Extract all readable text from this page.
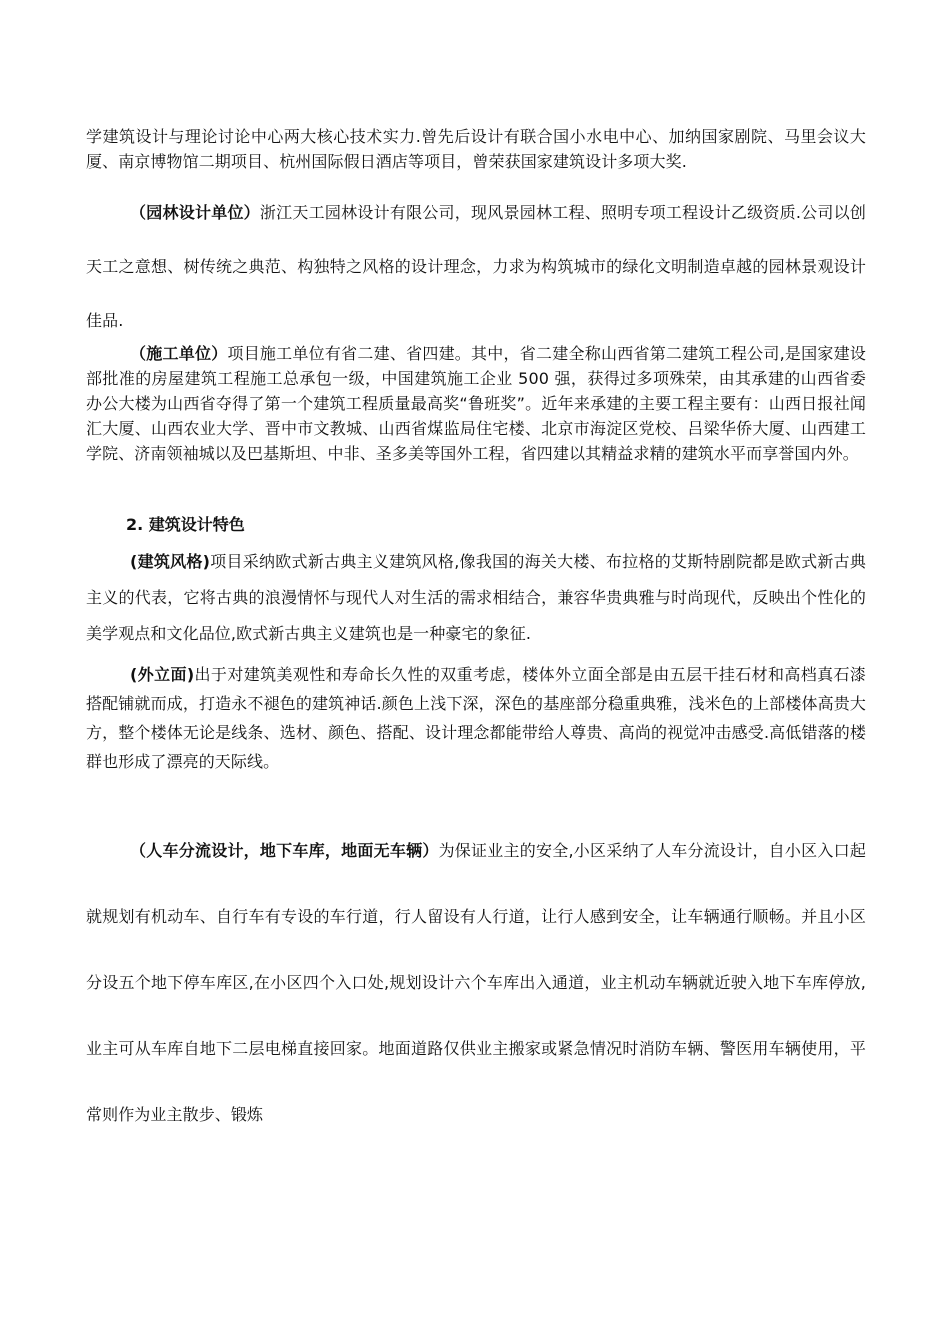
学建筑设计与理论讨论中心两大核心技术实力.曾先后设计有联合国小水电中心、加纳国家剧院、马里会议大厦、南京博物馆二期项目、杭州国际假日酒店等项目，曾荣获国家建筑设计多项大奖.

（园林设计单位）浙江天工园林设计有限公司，现风景园林工程、照明专项工程设计乙级资质.公司以创天工之意想、树传统之典范、构独特之风格的设计理念，力求为构筑城市的绿化文明制造卓越的园林景观设计佳品.

（施工单位）项目施工单位有省二建、省四建。其中，省二建全称山西省第二建筑工程公司,是国家建设部批准的房屋建筑工程施工总承包一级，中国建筑施工企业 500 强，获得过多项殊荣，由其承建的山西省委办公大楼为山西省夺得了第一个建筑工程质量最高奖“鲁班奖”。近年来承建的主要工程主要有：山西日报社闻汇大厦、山西农业大学、晋中市文教城、山西省煤监局住宅楼、北京市海淀区党校、吕梁华侨大厦、山西建工学院、济南领袖城以及巴基斯坦、中非、圣多美等国外工程，省四建以其精益求精的建筑水平而享誉国内外。

2. 建筑设计特色

(建筑风格)项目采纳欧式新古典主义建筑风格,像我国的海关大楼、布拉格的艾斯特剧院都是欧式新古典主义的代表，它将古典的浪漫情怀与现代人对生活的需求相结合，兼容华贵典雅与时尚现代，反映出个性化的美学观点和文化品位,欧式新古典主义建筑也是一种豪宅的象征.

(外立面)出于对建筑美观性和寿命长久性的双重考虑，楼体外立面全部是由五层干挂石材和高档真石漆搭配铺就而成，打造永不褪色的建筑神话.颜色上浅下深，深色的基座部分稳重典雅，浅米色的上部楼体高贵大方，整个楼体无论是线条、选材、颜色、搭配、设计理念都能带给人尊贵、高尚的视觉冲击感受.高低错落的楼群也形成了漂亮的天际线。

（人车分流设计，地下车库，地面无车辆）为保证业主的安全,小区采纳了人车分流设计，自小区入口起就规划有机动车、自行车有专设的车行道，行人留设有人行道，让行人感到安全，让车辆通行顺畅。并且小区分设五个地下停车库区,在小区四个入口处,规划设计六个车库出入通道，业主机动车辆就近驶入地下车库停放,业主可从车库自地下二层电梯直接回家。地面道路仅供业主搬家或紧急情况时消防车辆、警医用车辆使用，平常则作为业主散步、锻炼
